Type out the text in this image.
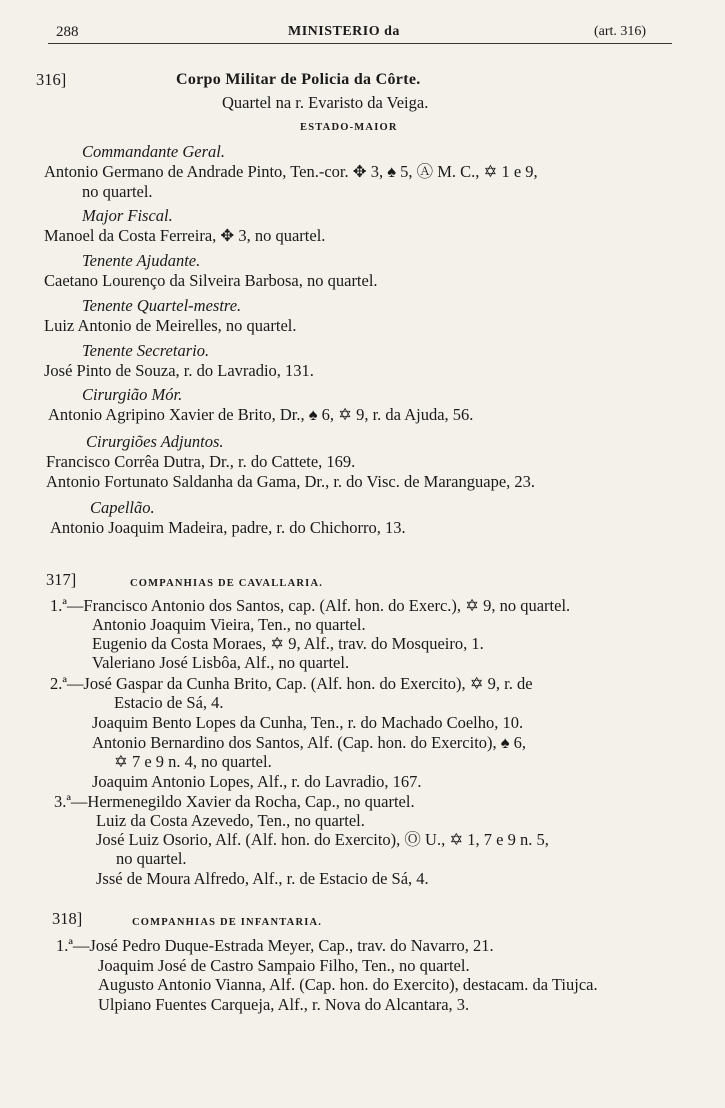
288	MINISTERIO da	(art. 316)
316]	Corpo Militar de Policia da Côrte.
Quartel na r. Evaristo da Veiga.
ESTADO-MAIOR
Commandante Geral.
Antonio Germano de Andrade Pinto, Ten.-cor. ✥ 3, ♠ 5, Ⓐ M. C., ✡ 1 e 9,
no quartel.
Major Fiscal.
Manoel da Costa Ferreira, ✥ 3, no quartel.
Tenente Ajudante.
Caetano Lourenço da Silveira Barbosa, no quartel.
Tenente Quartel-mestre.
Luiz Antonio de Meirelles, no quartel.
Tenente Secretario.
José Pinto de Souza, r. do Lavradio, 131.
Cirurgião Mór.
Antonio Agripino Xavier de Brito, Dr., ♠ 6, ✡ 9, r. da Ajuda, 56.
Cirurgiões Adjuntos.
Francisco Corrêa Dutra, Dr., r. do Cattete, 169.
Antonio Fortunato Saldanha da Gama, Dr., r. do Visc. de Maranguape, 23.
Capellão.
Antonio Joaquim Madeira, padre, r. do Chichorro, 13.
317]	COMPANHIAS DE CAVALLARIA.
1.ª—Francisco Antonio dos Santos, cap. (Alf. hon. do Exerc.), ✡ 9, no quartel.
Antonio Joaquim Vieira, Ten., no quartel.
Eugenio da Costa Moraes, ✡ 9, Alf., trav. do Mosqueiro, 1.
Valeriano José Lisbôa, Alf., no quartel.
2.ª—José Gaspar da Cunha Brito, Cap. (Alf. hon. do Exercito), ✡ 9, r. de
Estacio de Sá, 4.
Joaquim Bento Lopes da Cunha, Ten., r. do Machado Coelho, 10.
Antonio Bernardino dos Santos, Alf. (Cap. hon. do Exercito), ♠ 6,
✡ 7 e 9 n. 4, no quartel.
Joaquim Antonio Lopes, Alf., r. do Lavradio, 167.
3.ª—Hermenegildo Xavier da Rocha, Cap., no quartel.
Luiz da Costa Azevedo, Ten., no quartel.
José Luiz Osorio, Alf. (Alf. hon. do Exercito), Ⓞ U., ✡ 1, 7 e 9 n. 5,
no quartel.
Jssé de Moura Alfredo, Alf., r. de Estacio de Sá, 4.
318]	COMPANHIAS DE INFANTARIA.
1.ª—José Pedro Duque-Estrada Meyer, Cap., trav. do Navarro, 21.
Joaquim José de Castro Sampaio Filho, Ten., no quartel.
Augusto Antonio Vianna, Alf. (Cap. hon. do Exercito), destacam. da Tiujca.
Ulpiano Fuentes Carqueja, Alf., r. Nova do Alcantara, 3.
